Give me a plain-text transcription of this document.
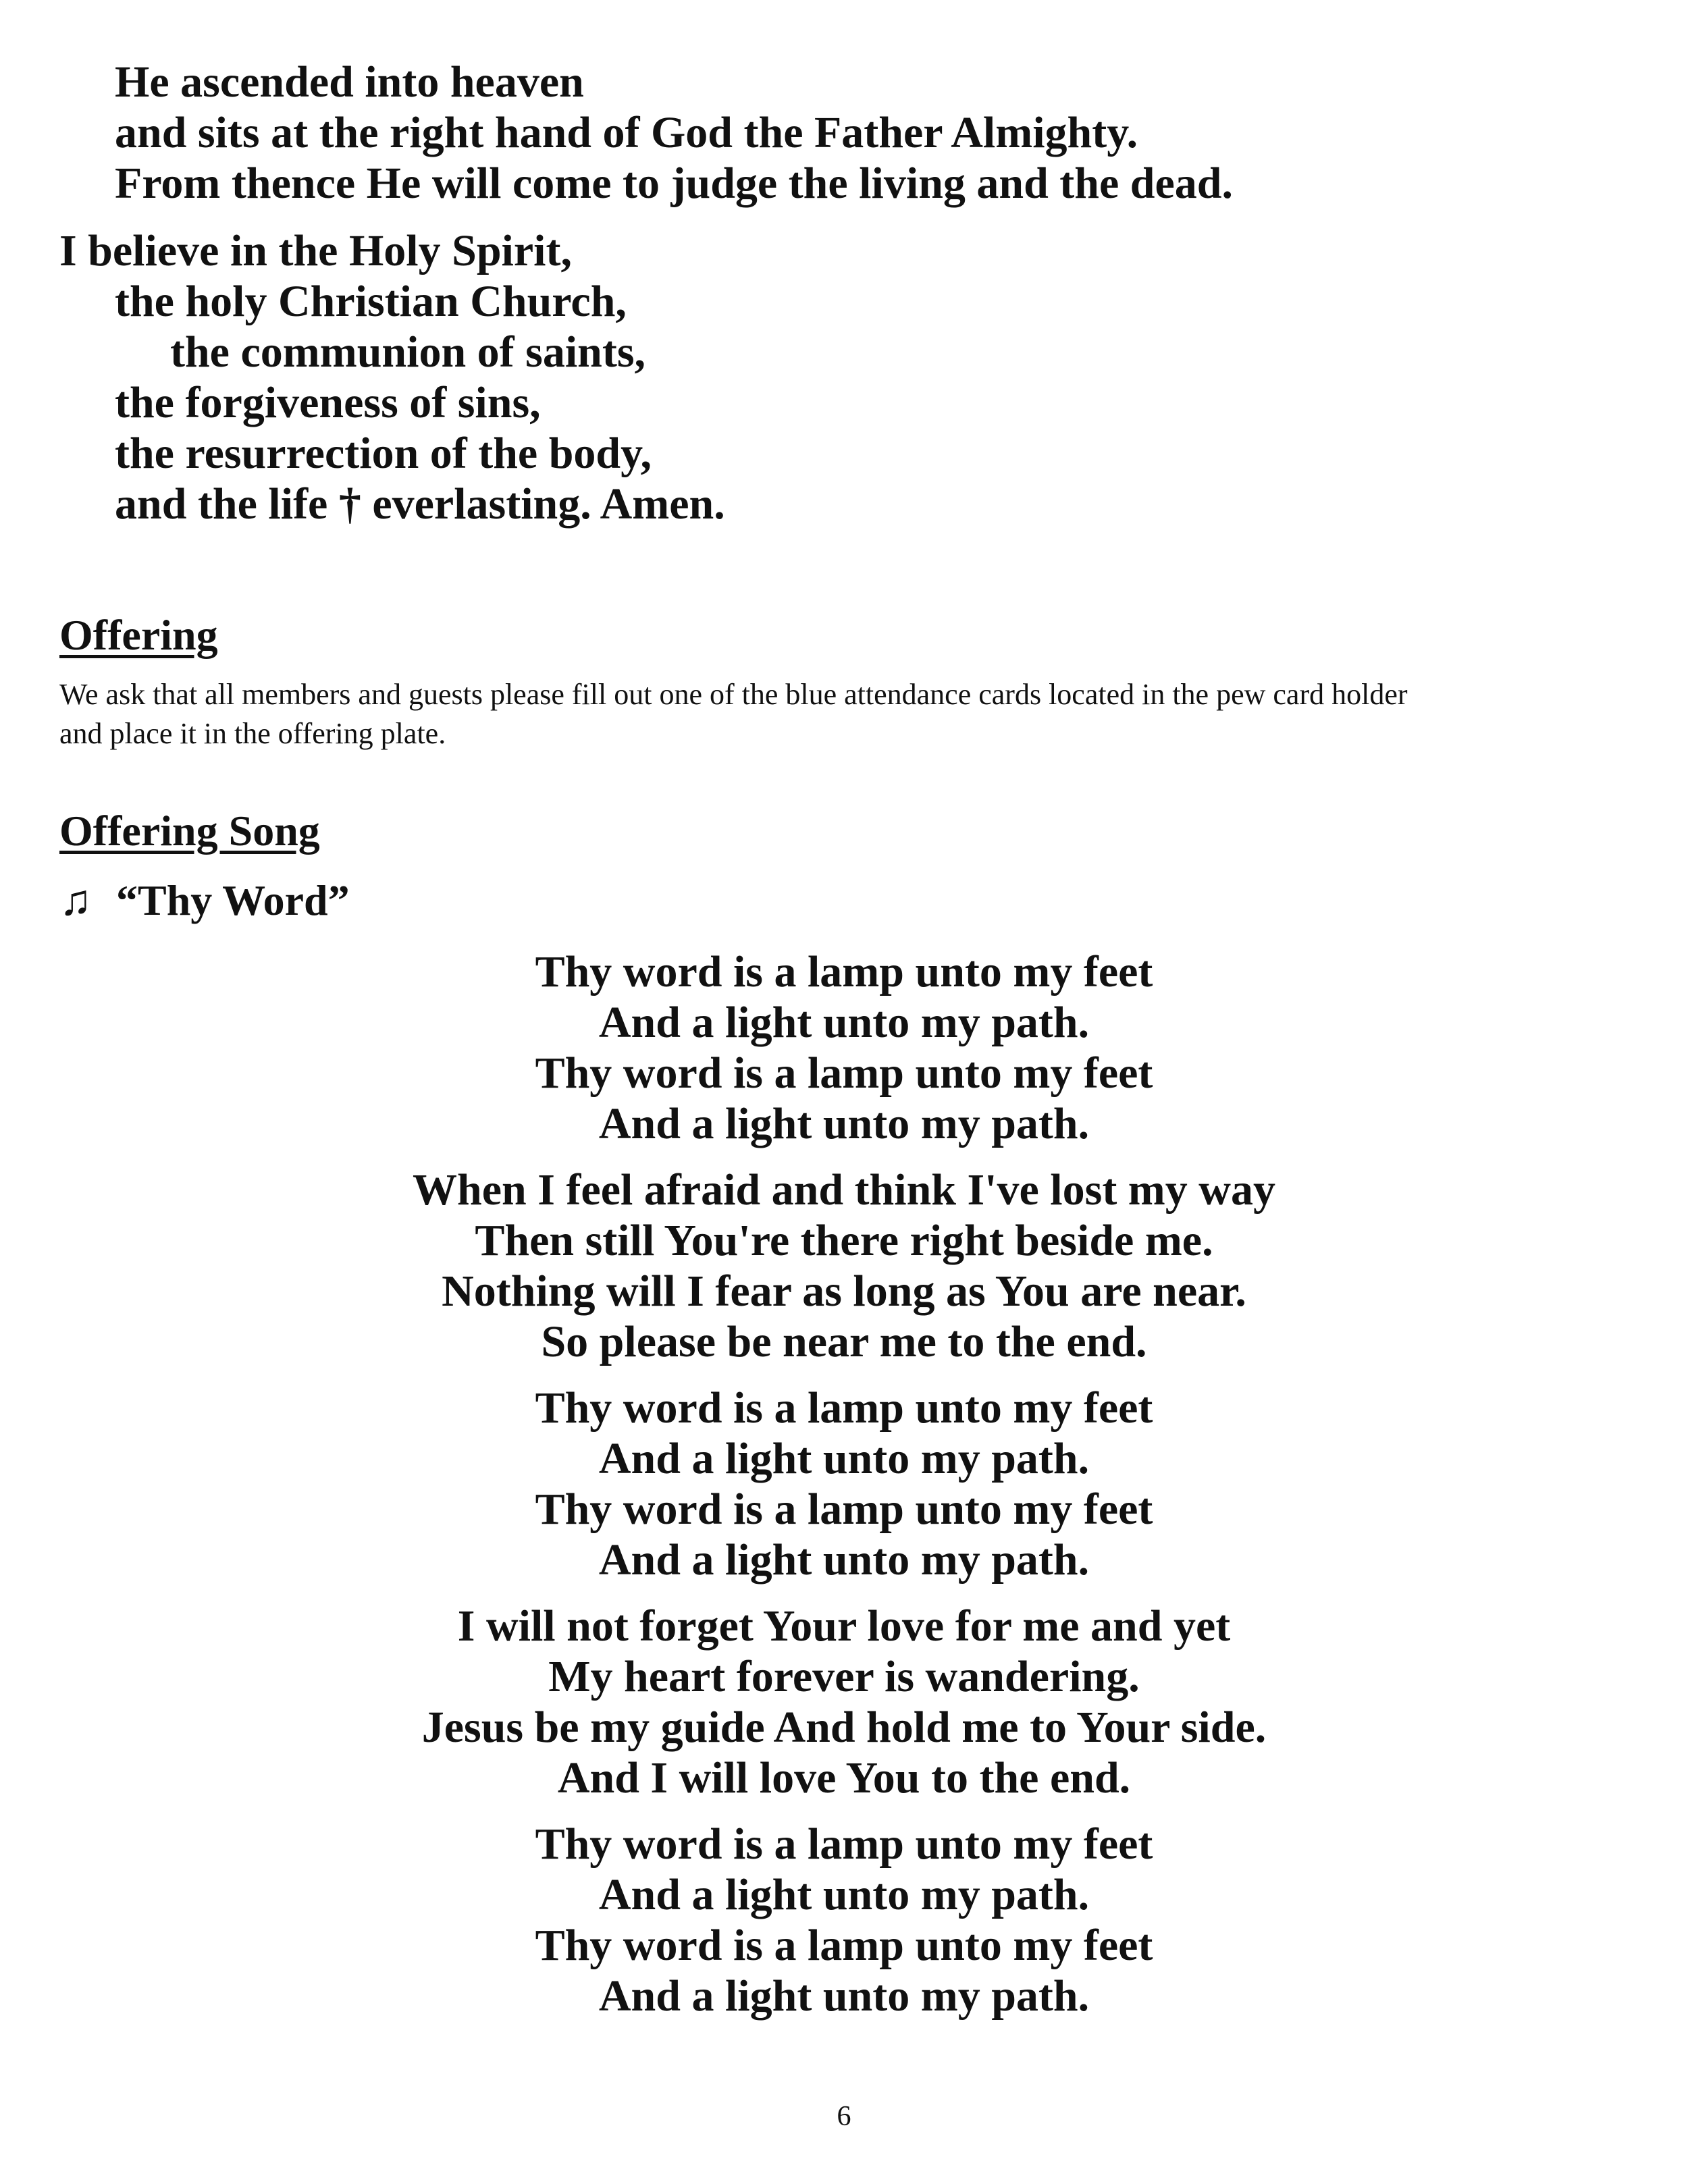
He ascended into heaven
and sits at the right hand of God the Father Almighty.
From thence He will come to judge the living and the dead.
I believe in the Holy Spirit,
the holy Christian Church,
the communion of saints,
the forgiveness of sins,
the resurrection of the body,
and the life † everlasting. Amen.
Offering
We ask that all members and guests please fill out one of the blue attendance cards located in the pew card holder
and place it in the offering plate.
Offering Song
♫ “Thy Word”
Thy word is a lamp unto my feet
And a light unto my path.
Thy word is a lamp unto my feet
And a light unto my path.
When I feel afraid and think I've lost my way
Then still You're there right beside me.
Nothing will I fear as long as You are near.
So please be near me to the end.
Thy word is a lamp unto my feet
And a light unto my path.
Thy word is a lamp unto my feet
And a light unto my path.
I will not forget Your love for me and yet
My heart forever is wandering.
Jesus be my guide And hold me to Your side.
And I will love You to the end.
Thy word is a lamp unto my feet
And a light unto my path.
Thy word is a lamp unto my feet
And a light unto my path.
6
